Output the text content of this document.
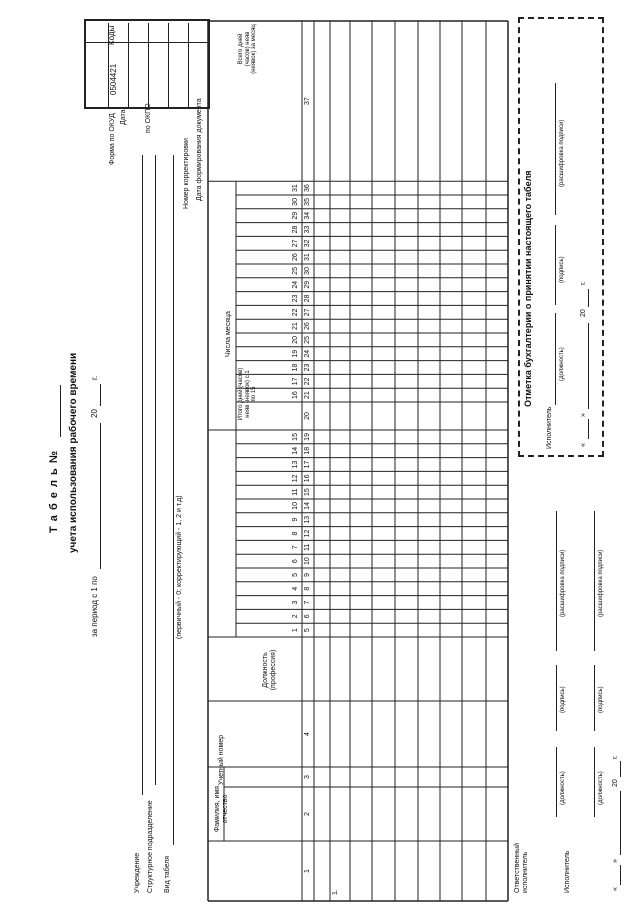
Т а б е л ь № учета использования рабочего времени
за период с 1 по
20
г.
Учреждение Структурное подразделение Вид табеля
(первичный - 0; корректирующий - 1, 2 и т.д)
Форма по ОКУД Дата	по ОКПО
Номер корректировки Дата формирования документа
Коды
0504421
Фамилия, имя отчество
Учетный номер
Должность (профессия)
Числа месяца
Итого дней (часов) неяв (неявок) с 1 по 15
Всего дней (часов) неяв (неявок) за месяц
1
2
3
4
5
6
7
8
9
10
11
12
13
14
15
16
17
18
19
20
21
22
23
24
25
26
27
28
29
30
31
1
2
3
4
5
6
7
8
9
10
11
12
13
14
15
16
17
18
19
20
21
22
23
24
25
26
27
28
29
30
31
32
33
34
35
36
37
1.	Ответственный исполнитель
(должность)
(подпись)
(расшифровка подписи)
Исполнитель
(должность)
(подпись)
(расшифровка подписи)
«
»
20
г.
Отметка бухгалтерии о принятии настоящего табеля
Исполнитель
(должность)
(подпись)
(расшифровка подписи)
«
»
20
г.
